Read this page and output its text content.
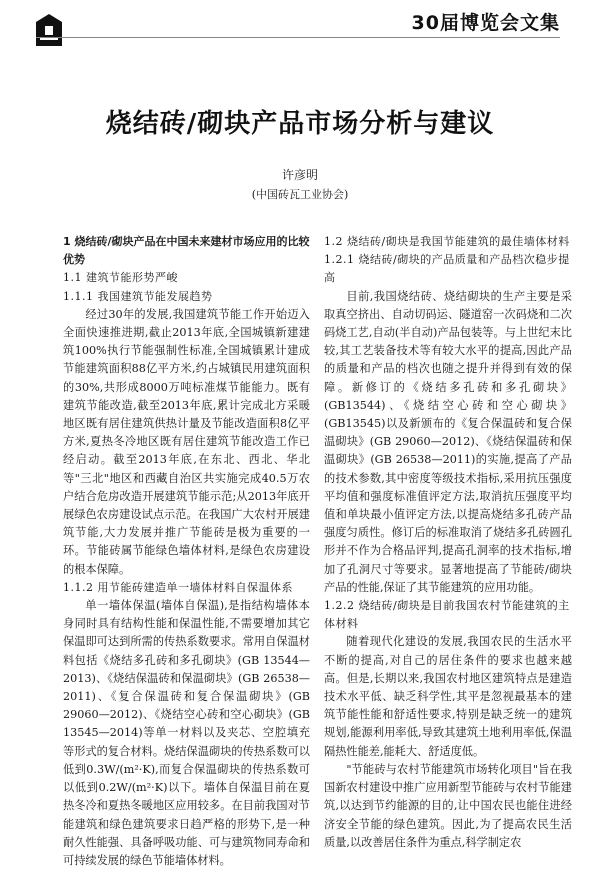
30届博览会文集
烧结砖/砌块产品市场分析与建议
许彦明
(中国砖瓦工业协会)

1 烧结砖/砌块产品在中国未来建材市场应用的比较优势

1.1 建筑节能形势严峻

1.1.1 我国建筑节能发展趋势

经过30年的发展,我国建筑节能工作开始迈入全面快速推进期,截止2013年底,全国城镇新建建筑100%执行节能强制性标准,全国城镇累计建成节能建筑面积88亿平方米,约占城镇民用建筑面积的30%,共形成8000万吨标准煤节能能力。既有建筑节能改造,截至2013年底,累计完成北方采暖地区既有居住建筑供热计量及节能改造面积8亿平方米,夏热冬冷地区既有居住建筑节能改造工作已经启动。截至2013年底,在东北、西北、华北等"三北"地区和西藏自治区共实施完成40.5万农户结合危房改造开展建筑节能示范;从2013年底开展绿色农房建设试点示范。在我国广大农村开展建筑节能,大力发展并推广节能砖是极为重要的一环。节能砖属节能绿色墙体材料,是绿色农房建设的根本保障。

1.1.2 用节能砖建造单一墙体材料自保温体系

单一墙体保温(墙体自保温),是指结构墙体本身同时具有结构性能和保温性能,不需要增加其它保温即可达到所需的传热系数要求。常用自保温材料包括《烧结多孔砖和多孔砌块》(GB 13544—2013)、《烧结保温砖和保温砌块》(GB 26538—2011)、《复合保温砖和复合保温砌块》(GB 29060—2012)、《烧结空心砖和空心砌块》(GB 13545—2014)等单一材料以及夹芯、空腔填充等形式的复合材料。烧结保温砌块的传热系数可以低到0.3W/(m²·K),而复合保温砌块的传热系数可以低到0.2W/(m²·K)以下。墙体自保温目前在夏热冬冷和夏热冬暖地区应用较多。在目前我国对节能建筑和绿色建筑要求日趋严格的形势下,是一种耐久性能强、具备呼吸功能、可与建筑物同寿命和可持续发展的绿色节能墙体材料。

1.2 烧结砖/砌块是我国节能建筑的最佳墙体材料

1.2.1 烧结砖/砌块的产品质量和产品档次稳步提高

目前,我国烧结砖、烧结砌块的生产主要是采取真空挤出、自动切码运、隧道窑一次码烧和二次码烧工艺,自动(半自动)产品包装等。与上世纪末比较,其工艺装备技术等有较大水平的提高,因此产品的质量和产品的档次也随之提升并得到有效的保障。新修订的《烧结多孔砖和多孔砌块》(GB13544)、《烧结空心砖和空心砌块》(GB13545)以及新颁布的《复合保温砖和复合保温砌块》(GB 29060—2012)、《烧结保温砖和保温砌块》(GB 26538—2011)的实施,提高了产品的技术参数,其中密度等级技术指标,采用抗压强度平均值和强度标准值评定方法,取消抗压强度平均值和单块最小值评定方法,以提高烧结多孔砖产品强度匀质性。修订后的标准取消了烧结多孔砖圆孔形并不作为合格品评判,提高孔洞率的技术指标,增加了孔洞尺寸等要求。显著地提高了节能砖/砌块产品的性能,保证了其节能建筑的应用功能。

1.2.2 烧结砖/砌块是目前我国农村节能建筑的主体材料

随着现代化建设的发展,我国农民的生活水平不断的提高,对自己的居住条件的要求也越来越高。但是,长期以来,我国农村地区建筑特点是建造技术水平低、缺乏科学性,其平是忽视最基本的建筑节能性能和舒适性要求,特别是缺乏统一的建筑规划,能源利用率低,导致其建筑土地利用率低,保温隔热性能差,能耗大、舒适度低。

"节能砖与农村节能建筑市场转化项目"旨在我国新农村建设中推广应用新型节能砖与农村节能建筑,以达到节约能源的目的,让中国农民也能住进经济安全节能的绿色建筑。因此,为了提高农民生活质量,以改善居住条件为重点,科学制定农
